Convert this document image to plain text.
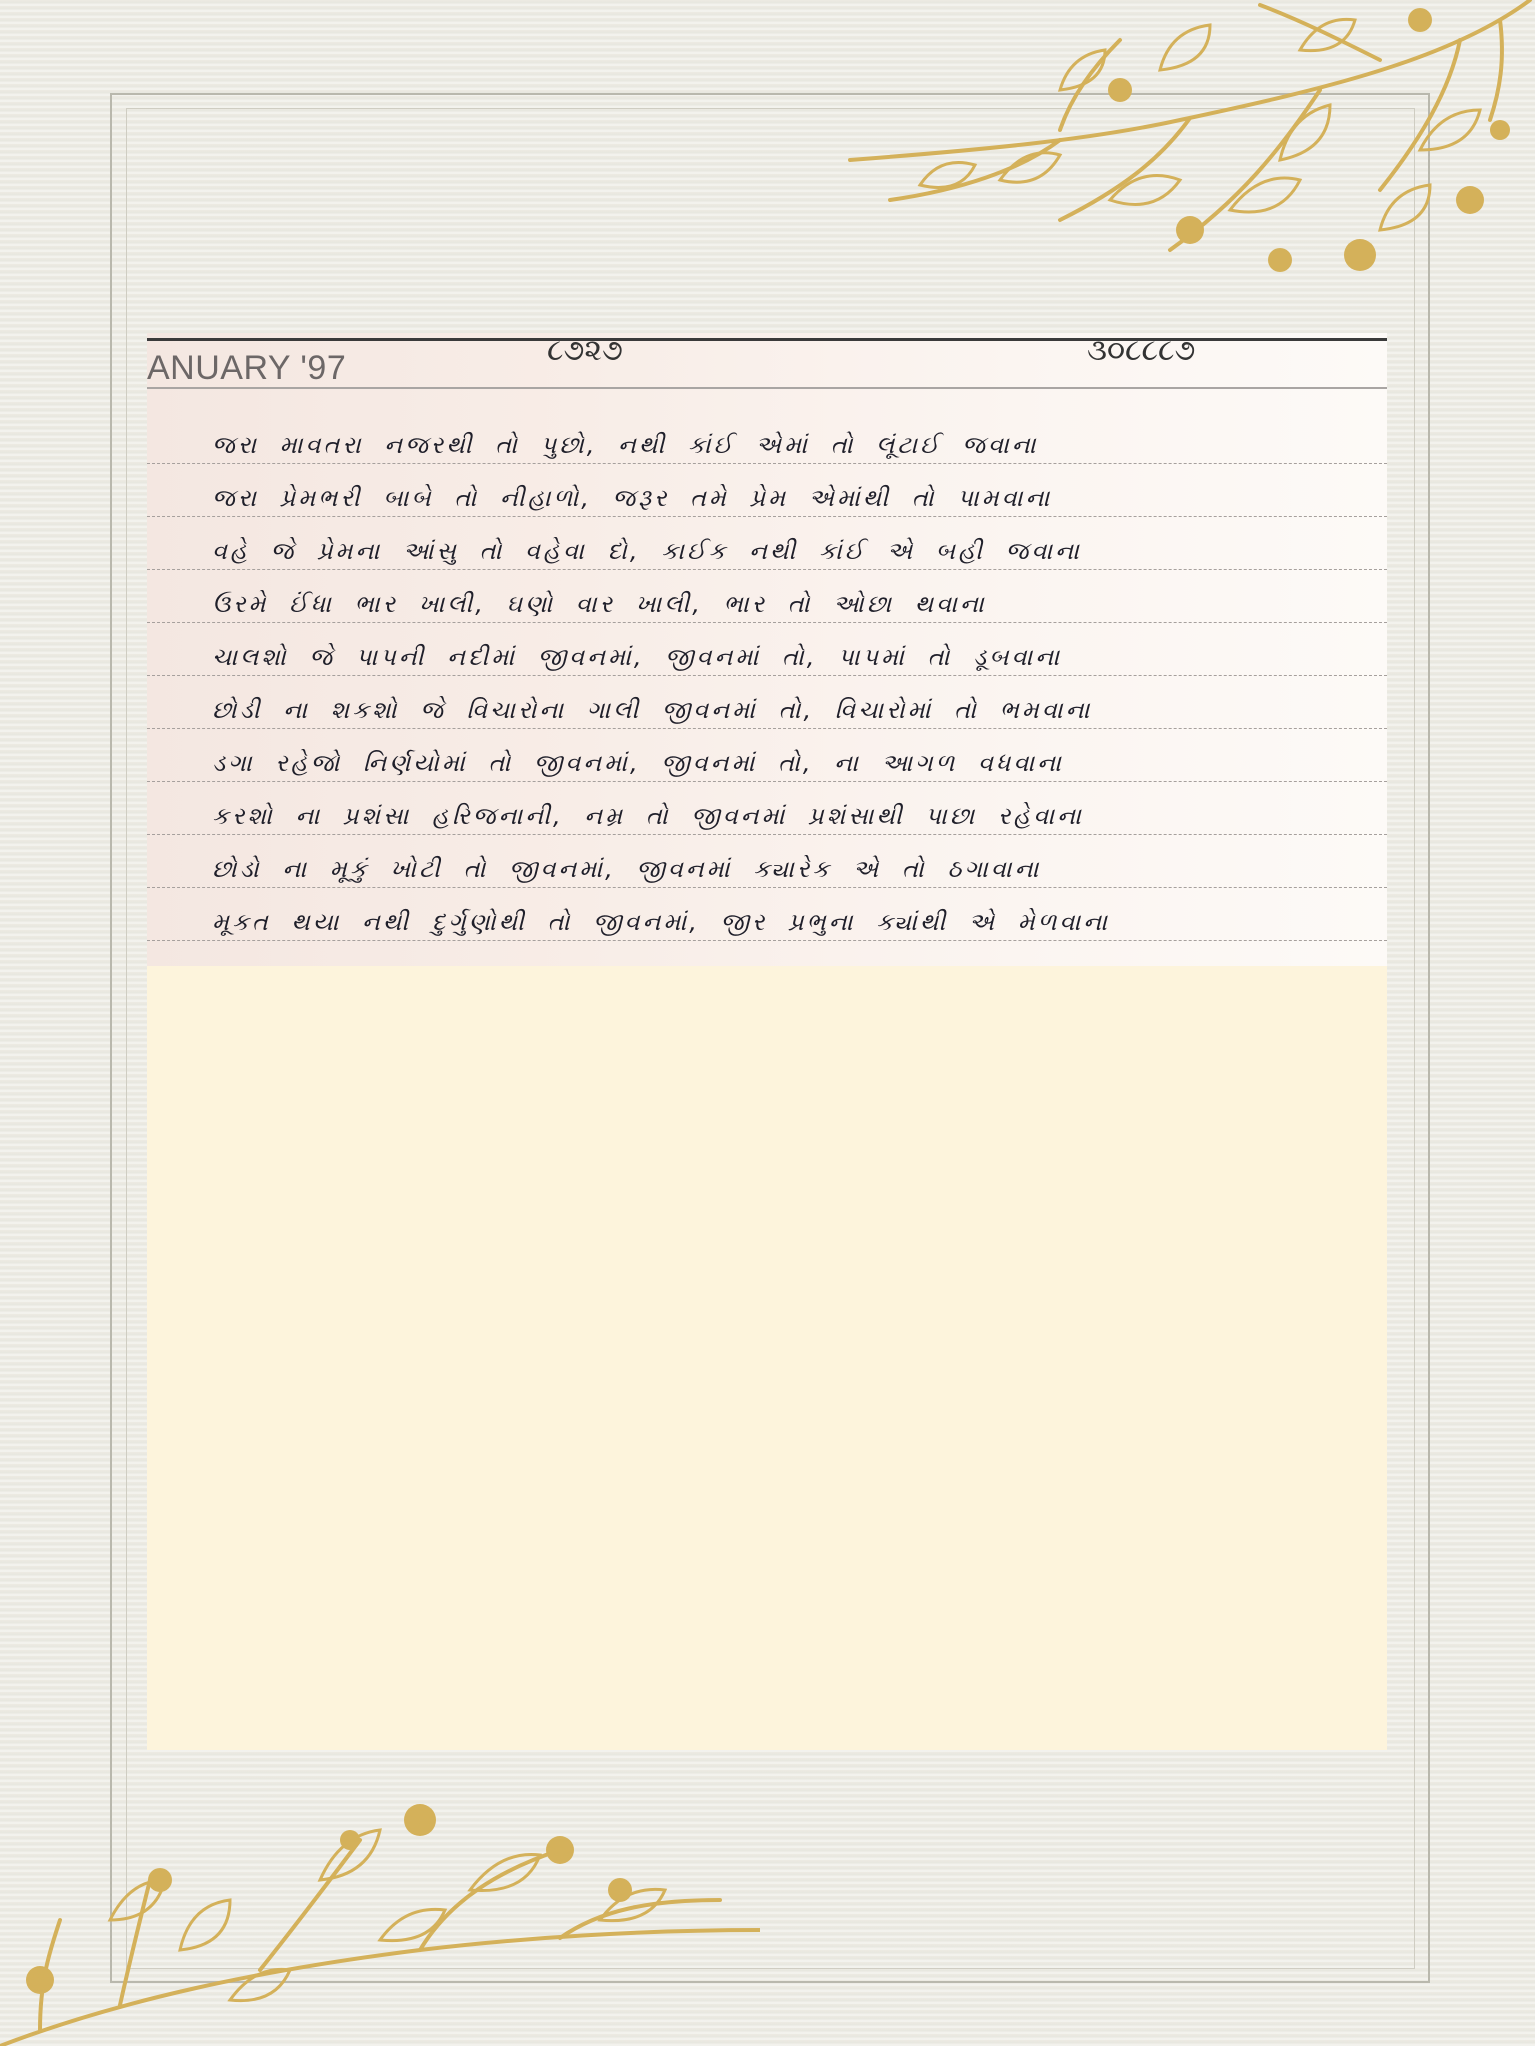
ANUARY '97	૮૭૨૭	૩૦૮૮૮૭
જરા માવતરા નજરથી તો પુછો, નથી કાંઈ એમાં તો લૂંટાઈ જવાના
જરા પ્રેમભરી બાબે તો નીહાળો, જરૂર તમે પ્રેમ એમાંથી તો પામવાના
વહે જે પ્રેમના આંસુ તો વહેવા દો, કાઈક નથી કાંઈ એ બહી જવાના
ઉરમે ઈંધા ભાર ખાલી, ઘણો વાર ખાલી, ભાર તો ઓછા થવાના
ચાલશો જે પાપની નદીમાં જીવનમાં, જીવનમાં તો, પાપમાં તો ડૂબવાના
છોડી ના શકશો જે વિચારોના ગાલી જીવનમાં તો, વિચારોમાં તો ભમવાના
ડગા રહેજો નિર્ણયોમાં તો જીવનમાં, જીવનમાં તો, ના આગળ વધવાના
કરશો ના પ્રશંસા હરિજનાની, નમ્ર તો જીવનમાં પ્રશંસાથી પાછા રહેવાના
છોડો ના મૂકું ખોટી તો જીવનમાં, જીવનમાં ક્યારેક એ તો ઠગાવાના
મૂકત થયા નથી દુર્ગુણોથી તો જીવનમાં, જીર પ્રભુના ક્યાંથી એ મેળવાના
